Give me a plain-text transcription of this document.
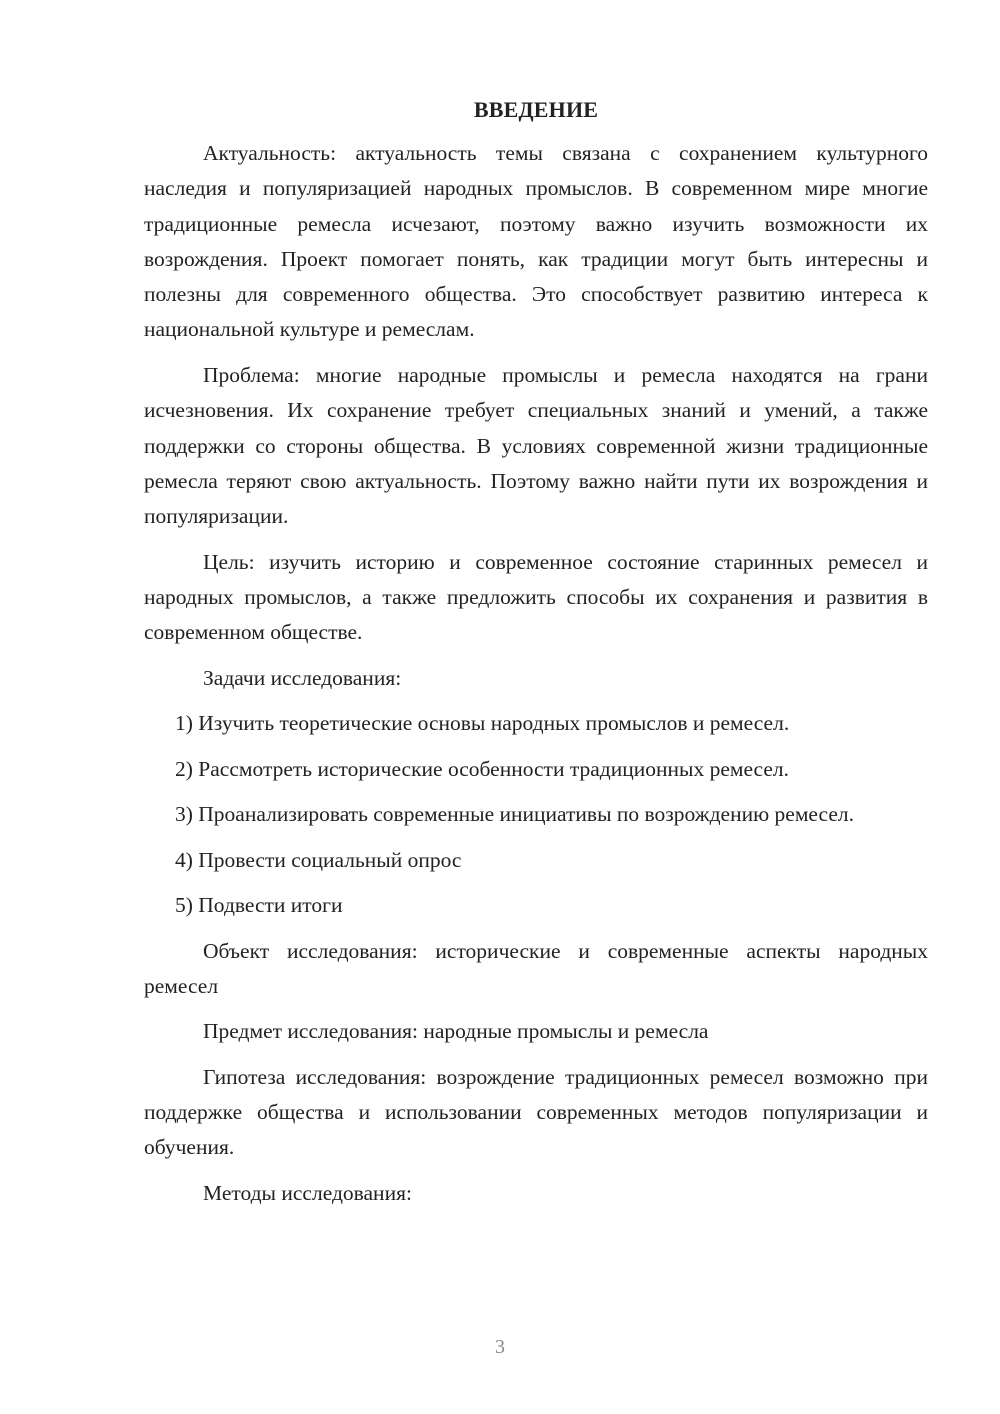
ВВЕДЕНИЕ

Актуальность: актуальность темы связана с сохранением культурного наследия и популяризацией народных промыслов. В современном мире многие традиционные ремесла исчезают, поэтому важно изучить возможности их возрождения. Проект помогает понять, как традиции могут быть интересны и полезны для современного общества. Это способствует развитию интереса к национальной культуре и ремеслам.

Проблема: многие народные промыслы и ремесла находятся на грани исчезновения. Их сохранение требует специальных знаний и умений, а также поддержки со стороны общества. В условиях современной жизни традиционные ремесла теряют свою актуальность. Поэтому важно найти пути их возрождения и популяризации.

Цель: изучить историю и современное состояние старинных ремесел и народных промыслов, а также предложить способы их сохранения и развития в современном обществе.

Задачи исследования:

1) Изучить теоретические основы народных промыслов и ремесел.

2) Рассмотреть исторические особенности традиционных ремесел.

3) Проанализировать современные инициативы по возрождению ремесел.

4) Провести социальный опрос

5) Подвести итоги

Объект исследования: исторические и современные аспекты народных ремесел

Предмет исследования: народные промыслы и ремесла

Гипотеза исследования: возрождение традиционных ремесел возможно при поддержке общества и использовании современных методов популяризации и обучения.

Методы исследования:

3
